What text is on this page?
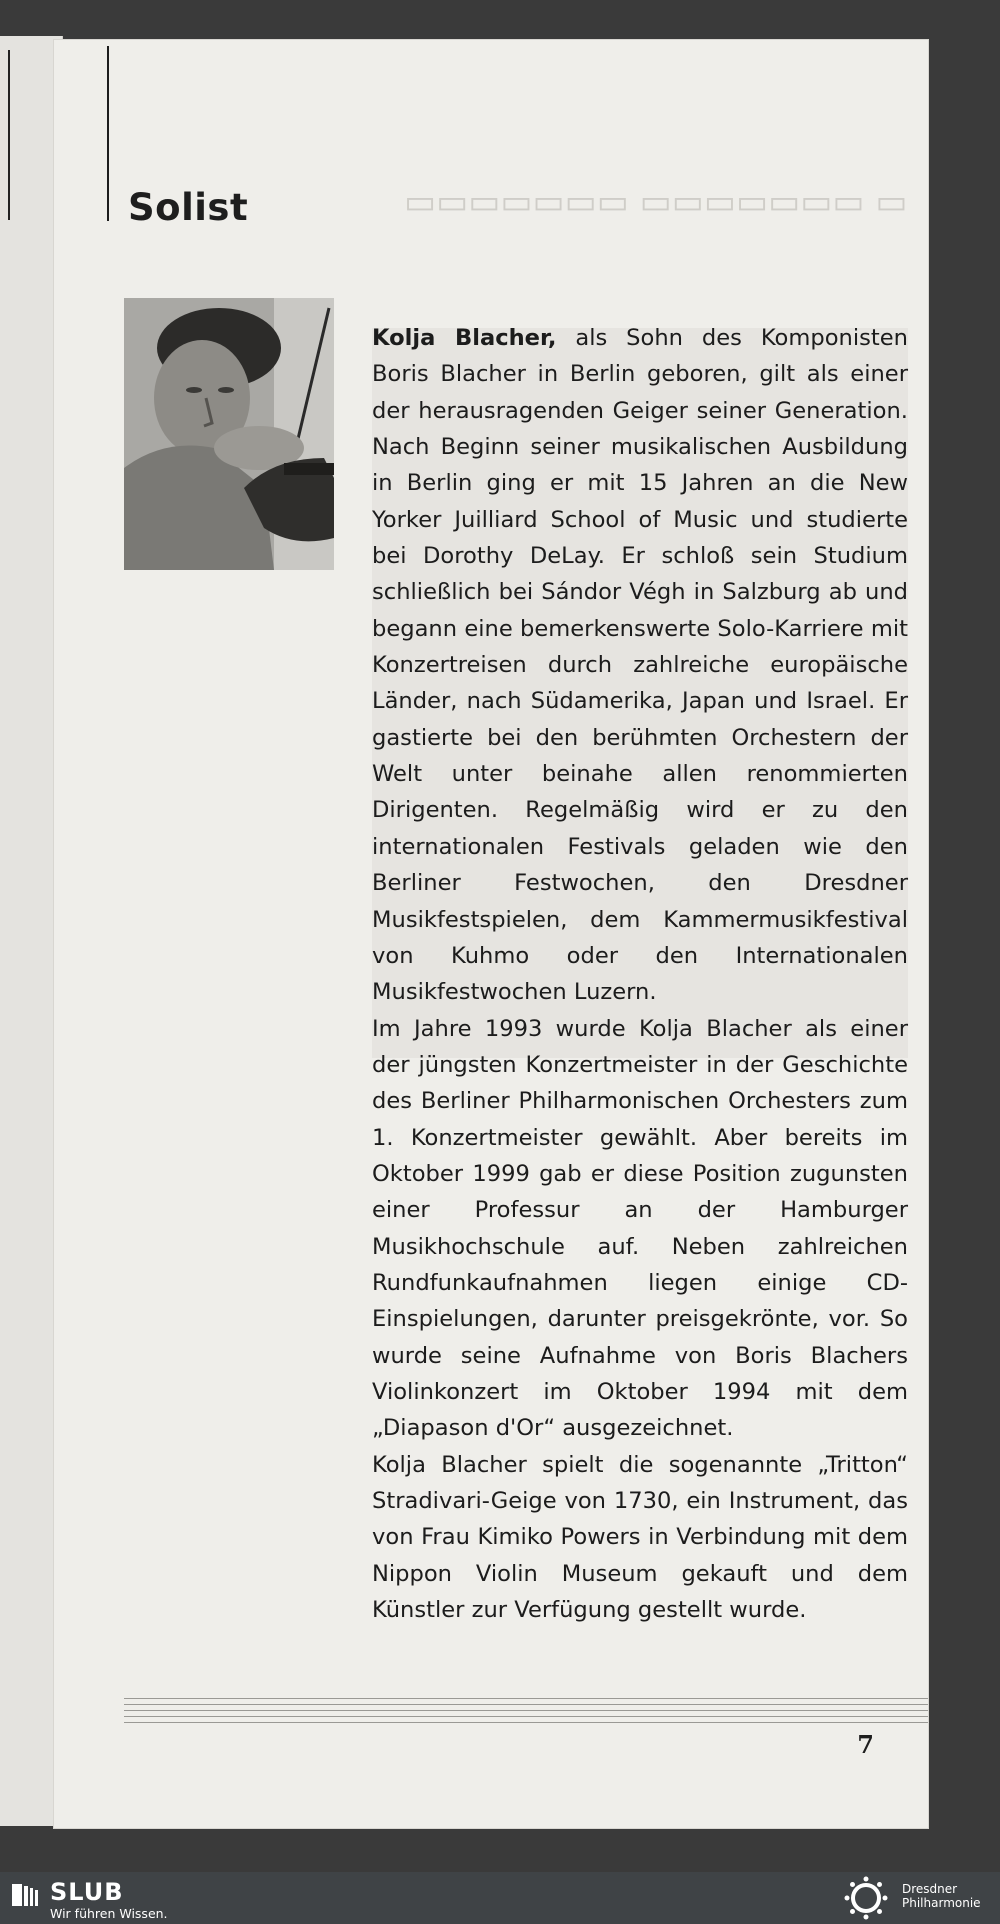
▭▭▭▭▭▭▭ ▭▭▭▭▭▭▭ ▭
Solist

Kolja Blacher, als Sohn des Komponisten Boris Blacher in Berlin geboren, gilt als einer der herausragenden Geiger seiner Generation. Nach Beginn seiner musikalischen Ausbildung in Berlin ging er mit 15 Jahren an die New Yorker Juilliard School of Music und studierte bei Dorothy DeLay. Er schloß sein Studium schließlich bei Sándor Végh in Salzburg ab und begann eine bemerkenswerte Solo-Karriere mit Konzertreisen durch zahlreiche europäische Länder, nach Südamerika, Japan und Israel. Er gastierte bei den berühmten Orchestern der Welt unter beinahe allen renommierten Dirigenten. Regelmäßig wird er zu den internationalen Festivals geladen wie den Berliner Festwochen, den Dresdner Musikfestspielen, dem Kammermusikfestival von Kuhmo oder den Internationalen Musikfestwochen Luzern.

Im Jahre 1993 wurde Kolja Blacher als einer der jüngsten Konzertmeister in der Geschichte des Berliner Philharmonischen Orchesters zum 1. Konzertmeister gewählt. Aber bereits im Oktober 1999 gab er diese Position zugunsten einer Professur an der Hamburger Musikhochschule auf. Neben zahlreichen Rundfunkaufnahmen liegen einige CD-Einspielungen, darunter preisgekrönte, vor. So wurde seine Aufnahme von Boris Blachers Violinkonzert im Oktober 1994 mit dem „Diapason d'Or“ ausgezeichnet.

Kolja Blacher spielt die sogenannte „Tritton“ Stradivari-Geige von 1730, ein Instrument, das von Frau Kimiko Powers in Verbindung mit dem Nippon Violin Museum gekauft und dem Künstler zur Verfügung gestellt wurde.

7
SLUB
Wir führen Wissen.
Dresdner
Philharmonie
